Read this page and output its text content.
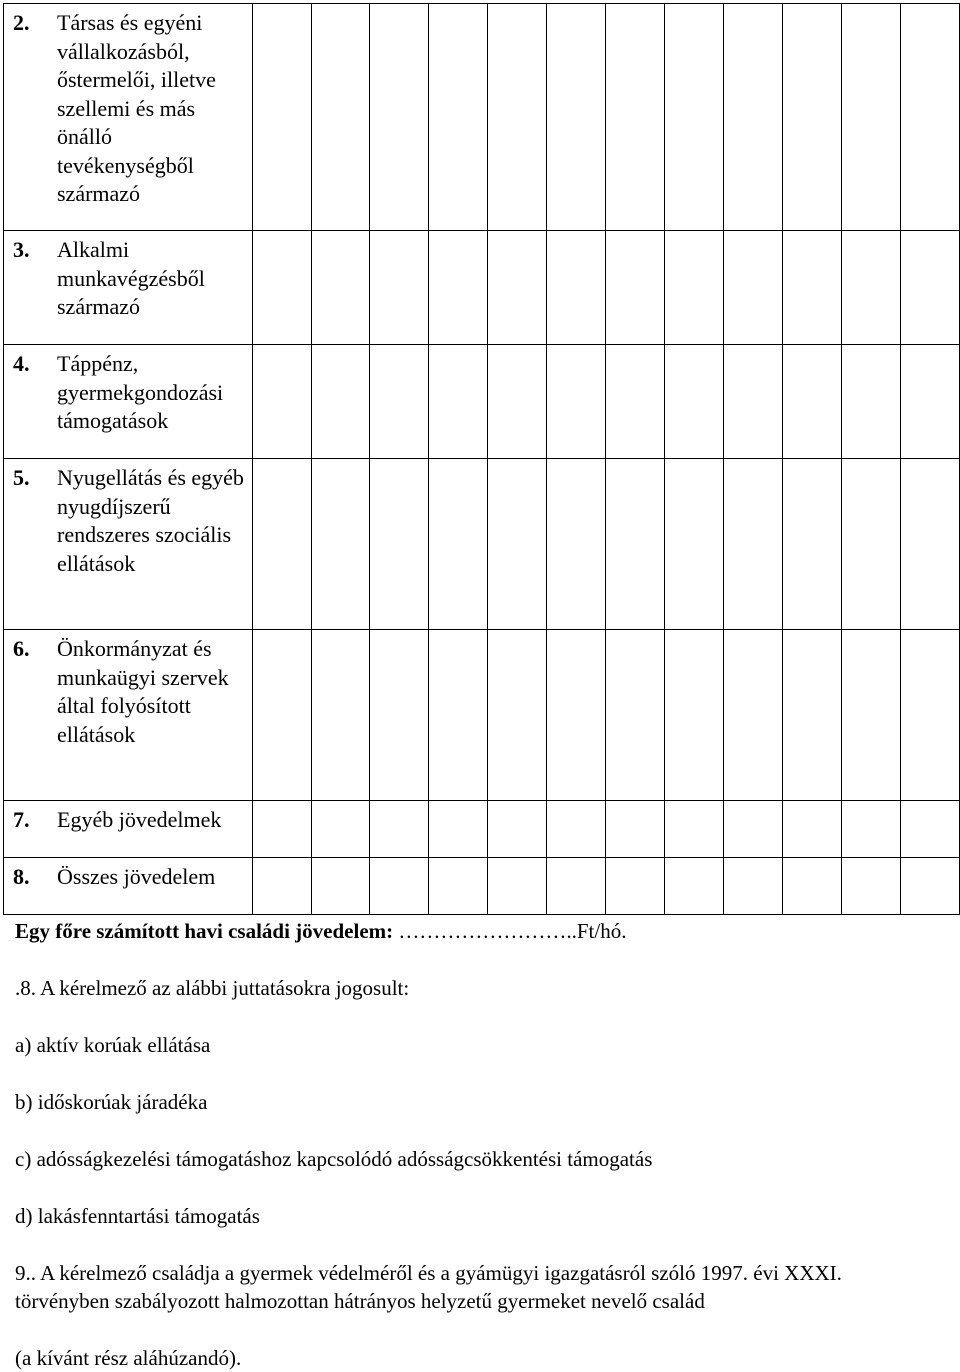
2. Társas és egyéni vállalkozásból, őstermelői, illetve szellemi és más önálló tevékenységből származó												

3. Alkalmi munkavégzésből származó												

4. Táppénz, gyermekgondozási támogatások												

5. Nyugellátás és egyéb nyugdíjszerű rendszeres szociális ellátások												

6. Önkormányzat és munkaügyi szervek által folyósított ellátások												

7. Egyéb jövedelmek												

8. Összes jövedelem												

Egy főre számított havi családi jövedelem: ……………………..Ft/hó.
.8. A kérelmező az alábbi juttatásokra jogosult:
a) aktív korúak ellátása
b) időskorúak járadéka
c) adósságkezelési támogatáshoz kapcsolódó adósságcsökkentési támogatás
d) lakásfenntartási támogatás
9.. A kérelmező családja a gyermek védelméről és a gyámügyi igazgatásról szóló 1997. évi XXXI. törvényben szabályozott halmozottan hátrányos helyzetű gyermeket nevelő család
(a kívánt rész aláhúzandó).
